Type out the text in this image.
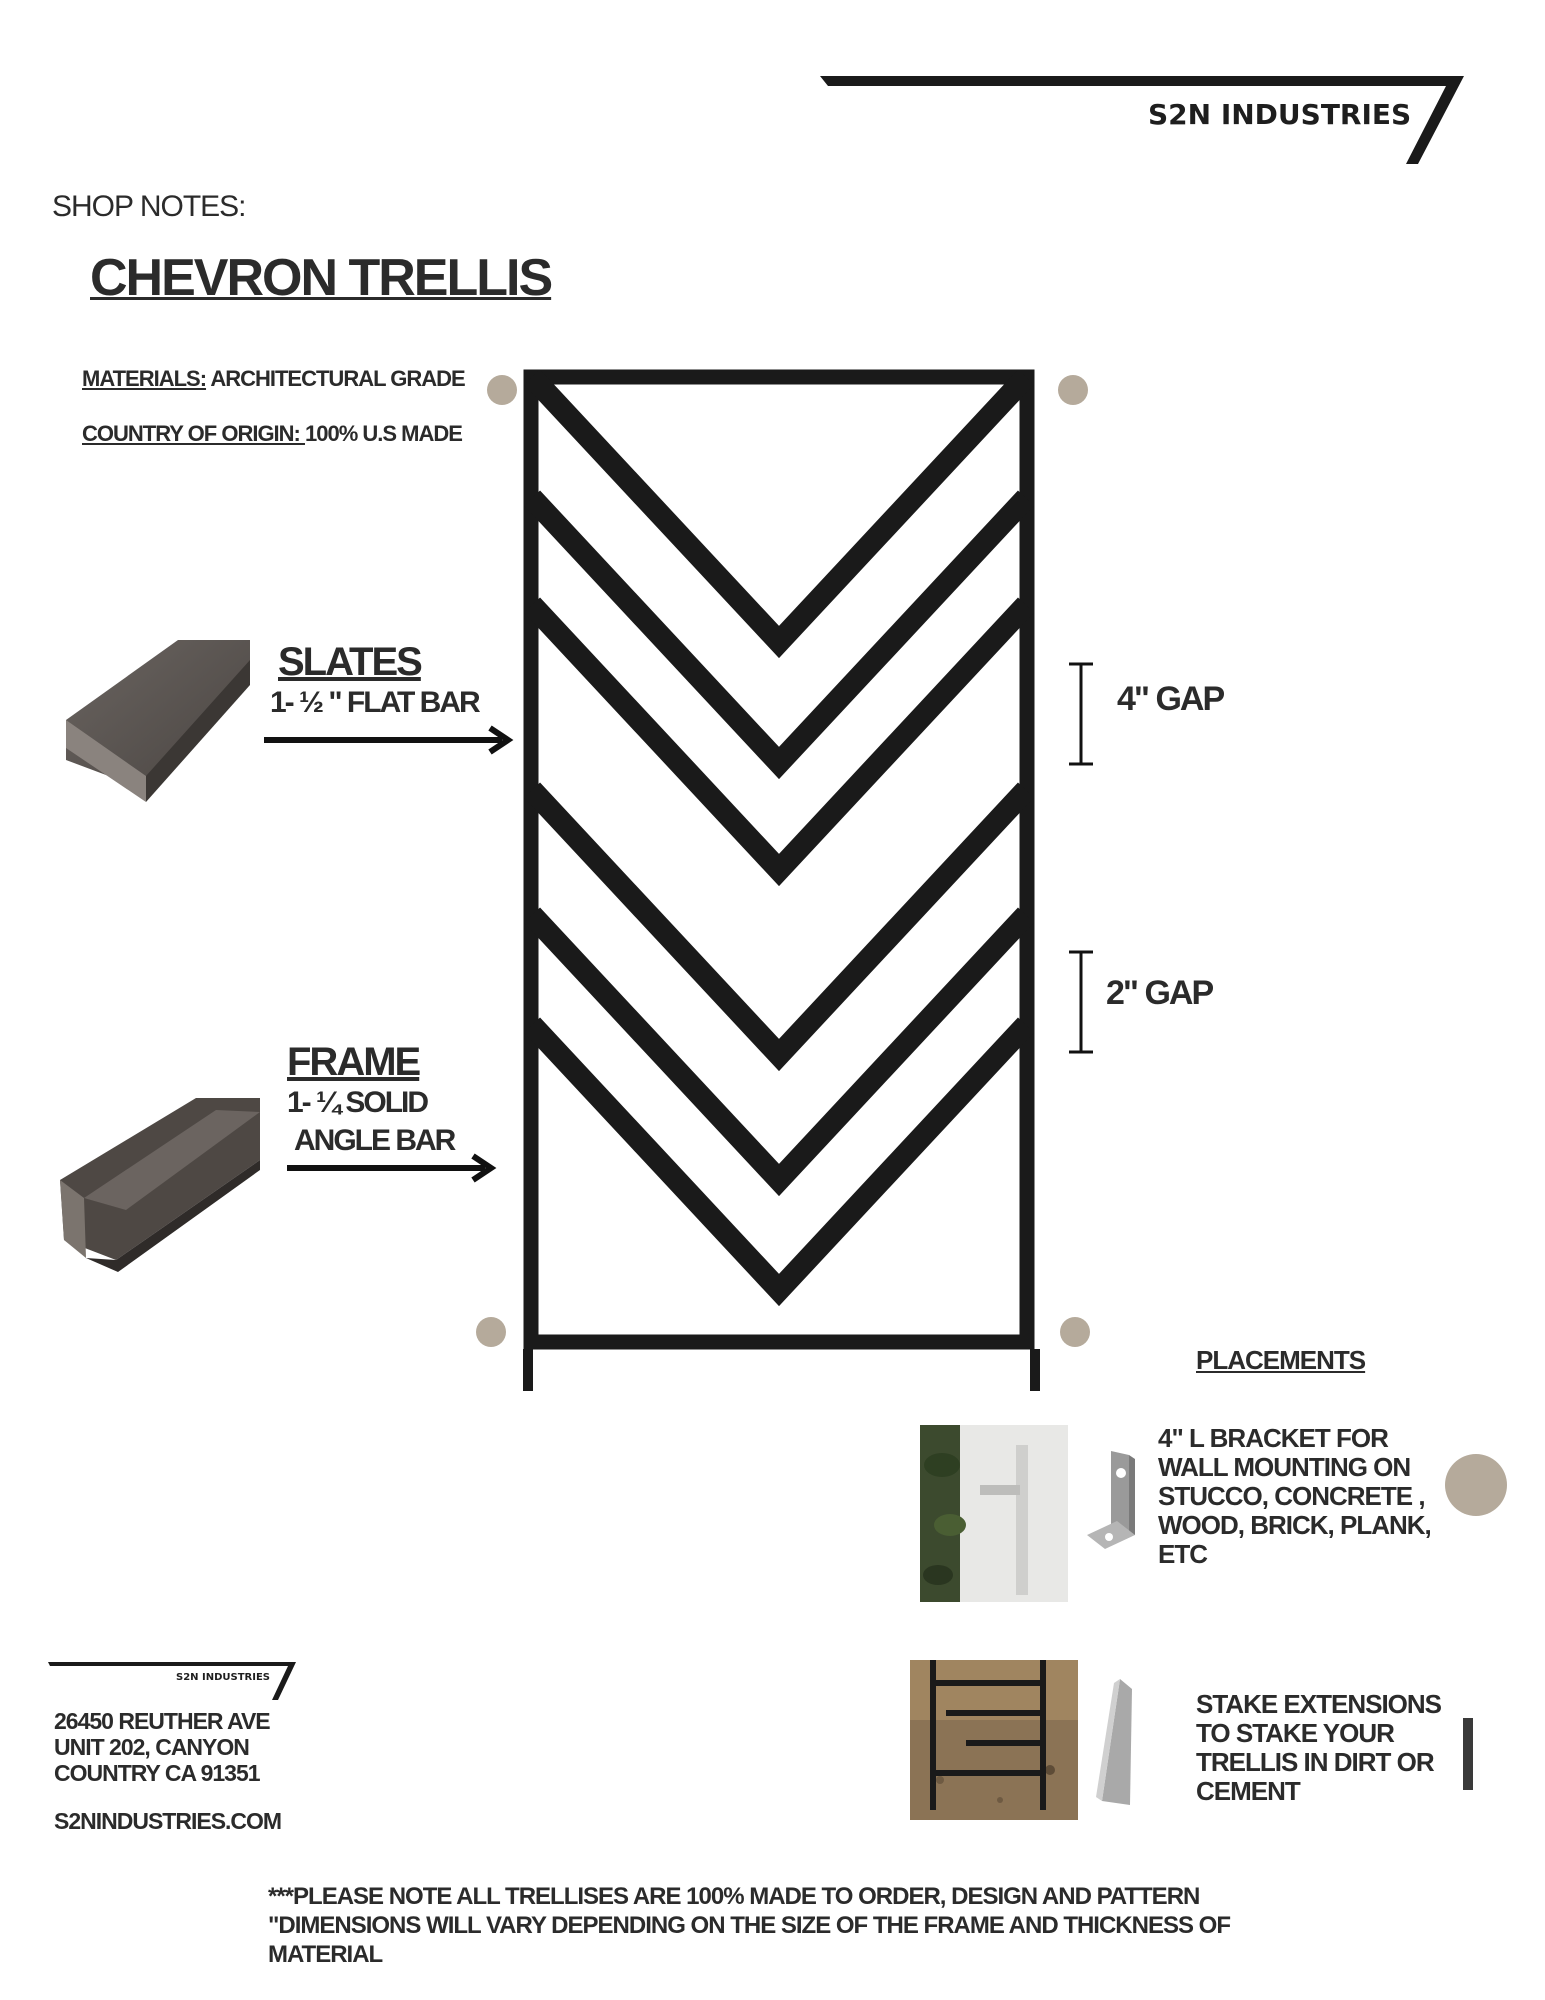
S2N INDUSTRIES
SHOP NOTES:
CHEVRON TRELLIS
MATERIALS: ARCHITECTURAL GRADE
COUNTRY OF ORIGIN: 100% U.S MADE
SLATES
1- ½ " FLAT BAR
FRAME
1- ¼ SOLID
ANGLE BAR
4" GAP
2" GAP
PLACEMENTS
4" L BRACKET FOR
WALL MOUNTING ON
STUCCO, CONCRETE ,
WOOD, BRICK, PLANK,
ETC
STAKE EXTENSIONS
TO STAKE YOUR
TRELLIS IN DIRT OR
CEMENT
S2N INDUSTRIES
26450 REUTHER AVE
UNIT 202, CANYON
COUNTRY CA 91351
S2NINDUSTRIES.COM
***PLEASE NOTE ALL TRELLISES ARE 100% MADE TO ORDER, DESIGN AND PATTERN
"DIMENSIONS WILL VARY DEPENDING ON THE SIZE OF THE FRAME AND THICKNESS OF
MATERIAL
